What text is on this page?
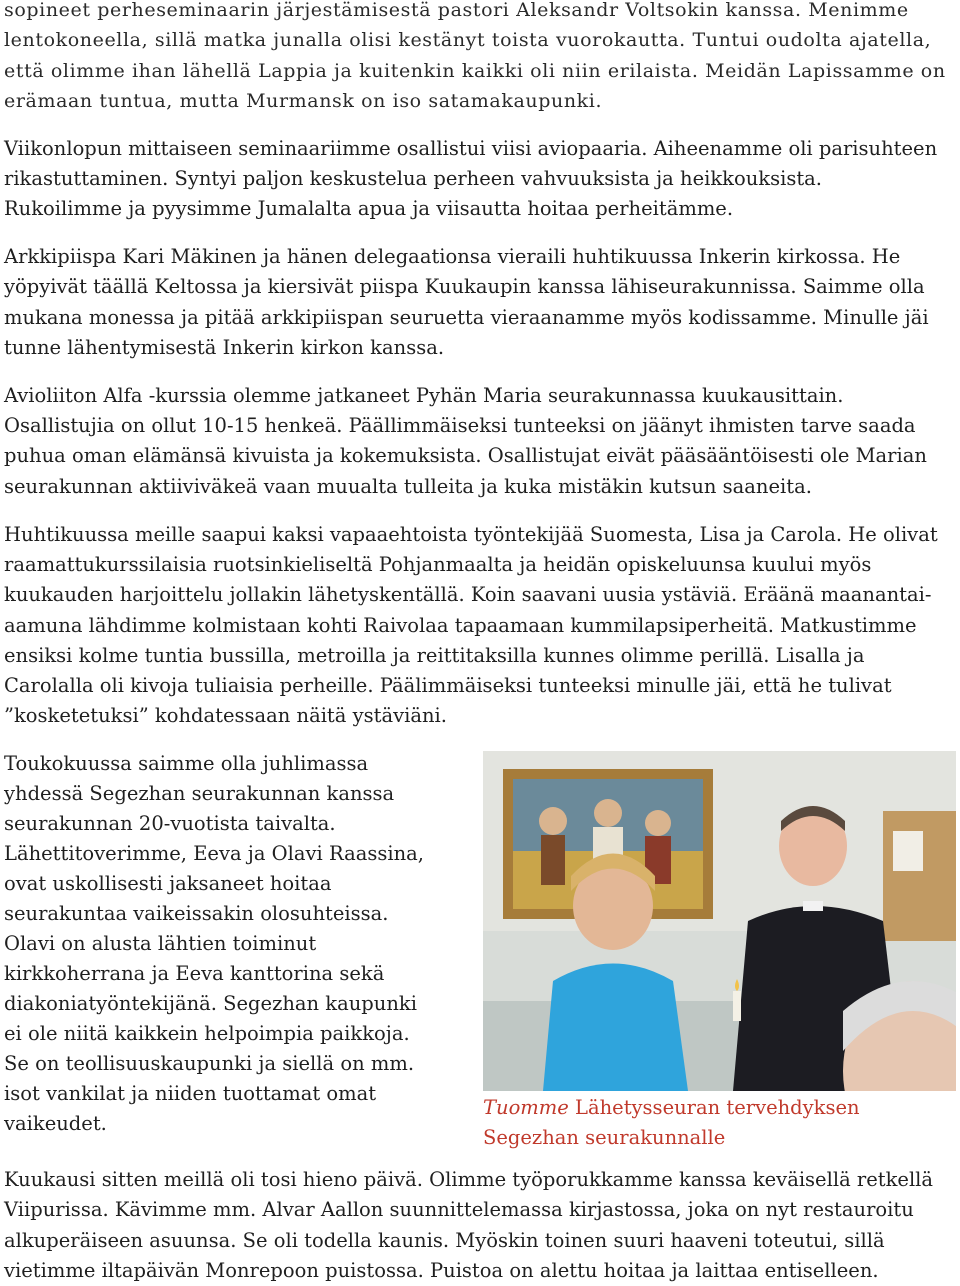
sopineet perheseminaarin järjestämisestä pastori Aleksandr Voltsokin kanssa. Menimme
lentokoneella, sillä matka junalla olisi kestänyt toista vuorokautta. Tuntui oudolta ajatella,
että olimme ihan lähellä Lappia ja kuitenkin kaikki oli niin erilaista. Meidän Lapissamme on
erämaan tuntua, mutta Murmansk on iso satamakaupunki.
Viikonlopun mittaiseen seminaariimme osallistui viisi aviopaaria. Aiheenamme oli parisuhteen
rikastuttaminen. Syntyi paljon keskustelua perheen vahvuuksista ja heikkouksista.
Rukoilimme ja pyysimme Jumalalta apua ja viisautta hoitaa perheitämme.
Arkkipiispa Kari Mäkinen ja hänen delegaationsa vieraili huhtikuussa Inkerin kirkossa. He
yöpyivät täällä Keltossa ja kiersivät piispa Kuukaupin kanssa lähiseurakunnissa. Saimme olla
mukana monessa ja pitää arkkipiispan seuruetta vieraanamme myös kodissamme. Minulle jäi
tunne lähentymisestä Inkerin kirkon kanssa.
Avioliiton Alfa -kurssia olemme jatkaneet Pyhän Maria seurakunnassa kuukausittain.
Osallistujia on ollut 10-15 henkeä. Päällimmäiseksi tunteeksi on jäänyt ihmisten tarve saada
puhua oman elämänsä kivuista ja kokemuksista. Osallistujat eivät pääsääntöisesti ole Marian
seurakunnan aktiiviväkeä vaan muualta tulleita ja kuka mistäkin kutsun saaneita.
Huhtikuussa meille saapui kaksi vapaaehtoista työntekijää Suomesta, Lisa ja Carola. He olivat
raamattukurssilaisia ruotsinkieliseltä Pohjanmaalta ja heidän opiskeluunsa kuului myös
kuukauden harjoittelu jollakin lähetyskentällä. Koin saavani uusia ystäviä. Eräänä maanantai-
aamuna lähdimme kolmistaan kohti Raivolaa tapaamaan kummilapsiperheitä. Matkustimme
ensiksi kolme tuntia bussilla, metroilla ja reittitaksilla kunnes olimme perillä. Lisalla ja
Carolalla oli kivoja tuliaisia perheille. Päälimmäiseksi tunteeksi minulle jäi, että he tulivat
”kosketetuksi” kohdatessaan näitä ystäviäni.
Toukokuussa saimme olla juhlimassa
yhdessä Segezhan seurakunnan kanssa
seurakunnan 20-vuotista taivalta.
Lähettitoverimme, Eeva ja Olavi Raassina,
ovat uskollisesti jaksaneet hoitaa
seurakuntaa vaikeissakin olosuhteissa.
Olavi on alusta lähtien toiminut
kirkkoherrana ja Eeva kanttorina sekä
diakoniatyöntekijänä. Segezhan kaupunki
ei ole niitä kaikkein helpoimpia paikkoja.
Se on teollisuuskaupunki ja siellä on mm.
isot vankilat ja niiden tuottamat omat
vaikeudet.
Tuomme Lähetysseuran tervehdyksen
Segezhan seurakunnalle
Kuukausi sitten meillä oli tosi hieno päivä. Olimme työporukkamme kanssa keväisellä retkellä
Viipurissa. Kävimme mm. Alvar Aallon suunnittelemassa kirjastossa, joka on nyt restauroitu
alkuperäiseen asuunsa. Se oli todella kaunis. Myöskin toinen suuri haaveni toteutui, sillä
vietimme iltapäivän Monrepoon puistossa. Puistoa on alettu hoitaa ja laittaa entiselleen.
